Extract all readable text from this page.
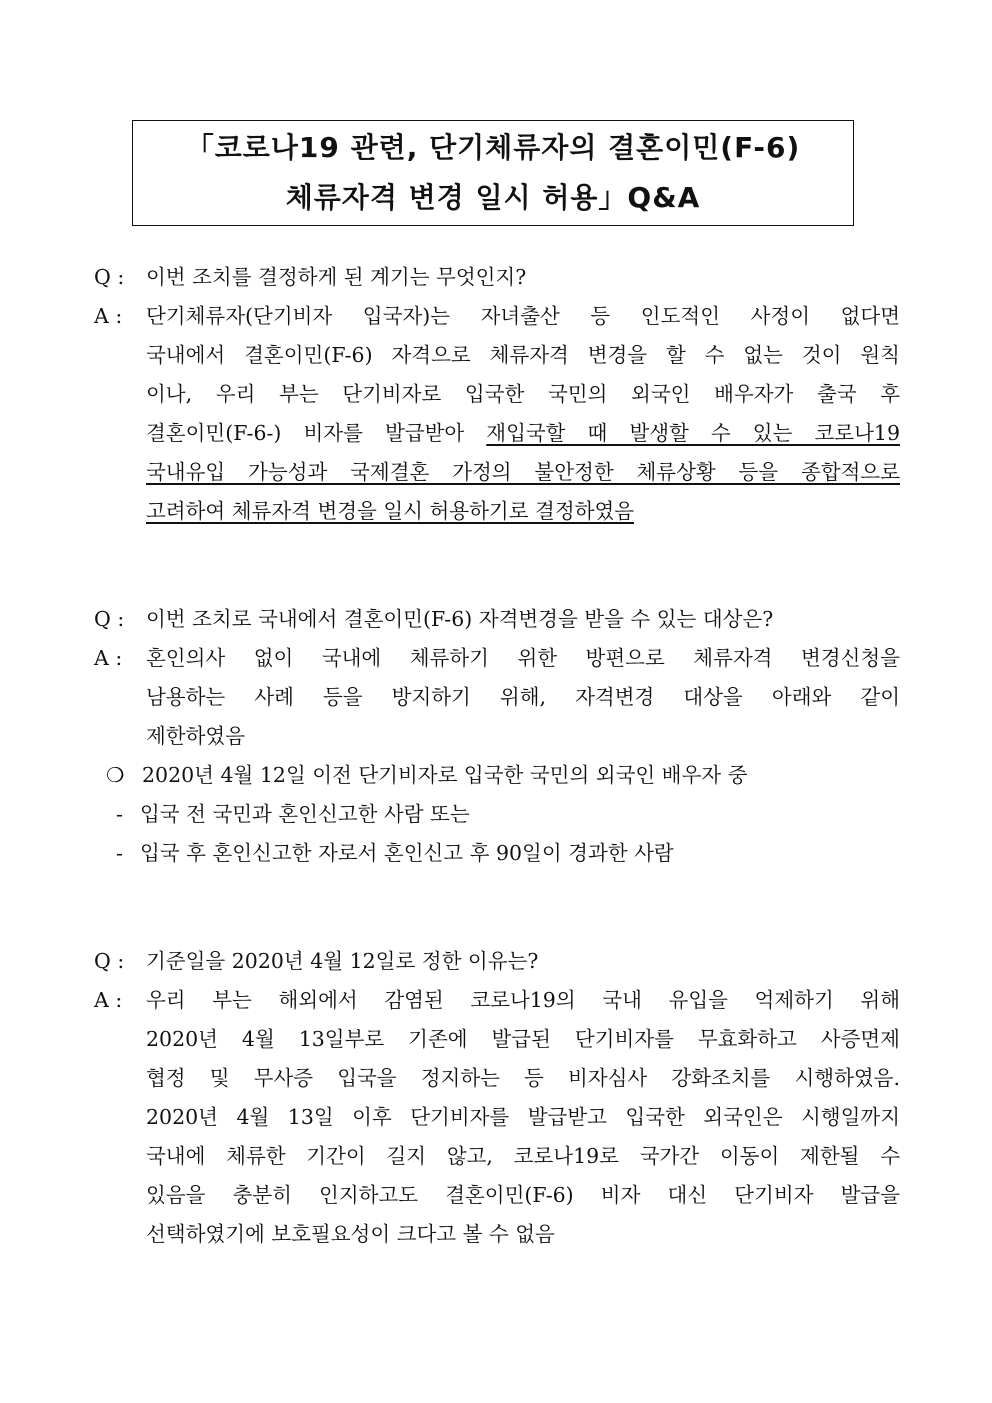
「코로나19 관련, 단기체류자의 결혼이민(F-6)
체류자격 변경 일시 허용」Q&A
Q :	이번 조치를 결정하게 된 계기는 무엇인지?
A :	단기체류자(단기비자 입국자)는 자녀출산 등 인도적인 사정이 없다면
국내에서 결혼이민(F-6) 자격으로 체류자격 변경을 할 수 없는 것이 원칙
이나, 우리 부는 단기비자로 입국한 국민의 외국인 배우자가 출국 후
결혼이민(F-6-) 비자를 발급받아 재입국할 때 발생할 수 있는 코로나19
국내유입 가능성과 국제결혼 가정의 불안정한 체류상황 등을 종합적으로
고려하여 체류자격 변경을 일시 허용하기로 결정하였음
Q :	이번 조치로 국내에서 결혼이민(F-6) 자격변경을 받을 수 있는 대상은?
A :	혼인의사 없이 국내에 체류하기 위한 방편으로 체류자격 변경신청을
남용하는 사례 등을 방지하기 위해, 자격변경 대상을 아래와 같이
제한하였음
❍ 2020년 4월 12일 이전 단기비자로 입국한 국민의 외국인 배우자 중
- 입국 전 국민과 혼인신고한 사람 또는
- 입국 후 혼인신고한 자로서 혼인신고 후 90일이 경과한 사람
Q :	기준일을 2020년 4월 12일로 정한 이유는?
A :	우리 부는 해외에서 감염된 코로나19의 국내 유입을 억제하기 위해
2020년 4월 13일부로 기존에 발급된 단기비자를 무효화하고 사증면제
협정 및 무사증 입국을 정지하는 등 비자심사 강화조치를 시행하였음.
2020년 4월 13일 이후 단기비자를 발급받고 입국한 외국인은 시행일까지
국내에 체류한 기간이 길지 않고, 코로나19로 국가간 이동이 제한될 수
있음을 충분히 인지하고도 결혼이민(F-6) 비자 대신 단기비자 발급을
선택하였기에 보호필요성이 크다고 볼 수 없음
